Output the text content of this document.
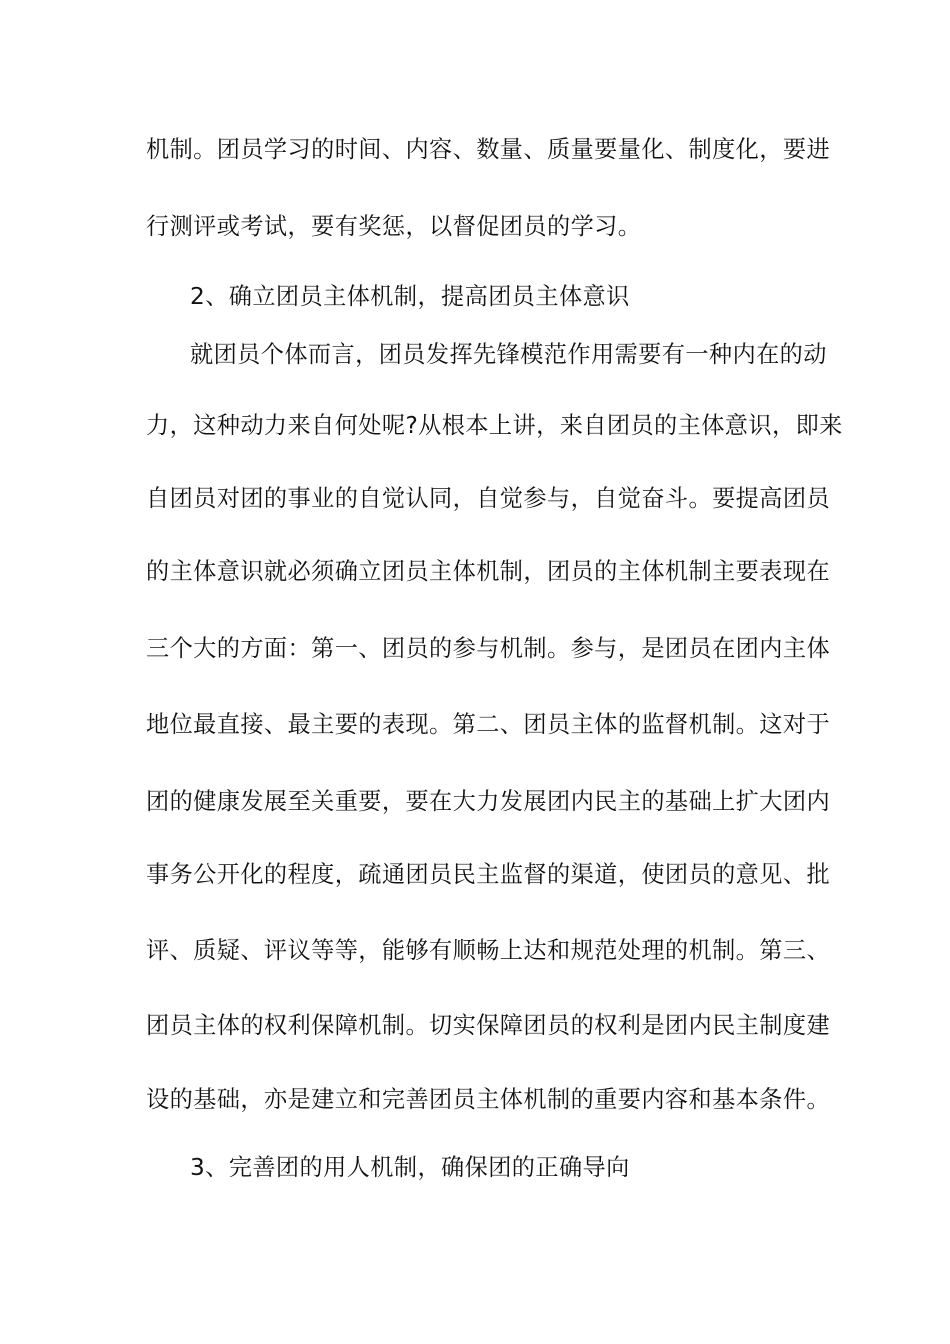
机制。团员学习的时间、内容、数量、质量要量化、制度化，要进

行测评或考试，要有奖惩，以督促团员的学习。

2、确立团员主体机制，提高团员主体意识

就团员个体而言，团员发挥先锋模范作用需要有一种内在的动

力，这种动力来自何处呢?从根本上讲，来自团员的主体意识，即来

自团员对团的事业的自觉认同，自觉参与，自觉奋斗。要提高团员

的主体意识就必须确立团员主体机制，团员的主体机制主要表现在

三个大的方面：第一、团员的参与机制。参与，是团员在团内主体

地位最直接、最主要的表现。第二、团员主体的监督机制。这对于

团的健康发展至关重要，要在大力发展团内民主的基础上扩大团内

事务公开化的程度，疏通团员民主监督的渠道，使团员的意见、批

评、质疑、评议等等，能够有顺畅上达和规范处理的机制。第三、

团员主体的权利保障机制。切实保障团员的权利是团内民主制度建

设的基础，亦是建立和完善团员主体机制的重要内容和基本条件。

3、完善团的用人机制，确保团的正确导向
